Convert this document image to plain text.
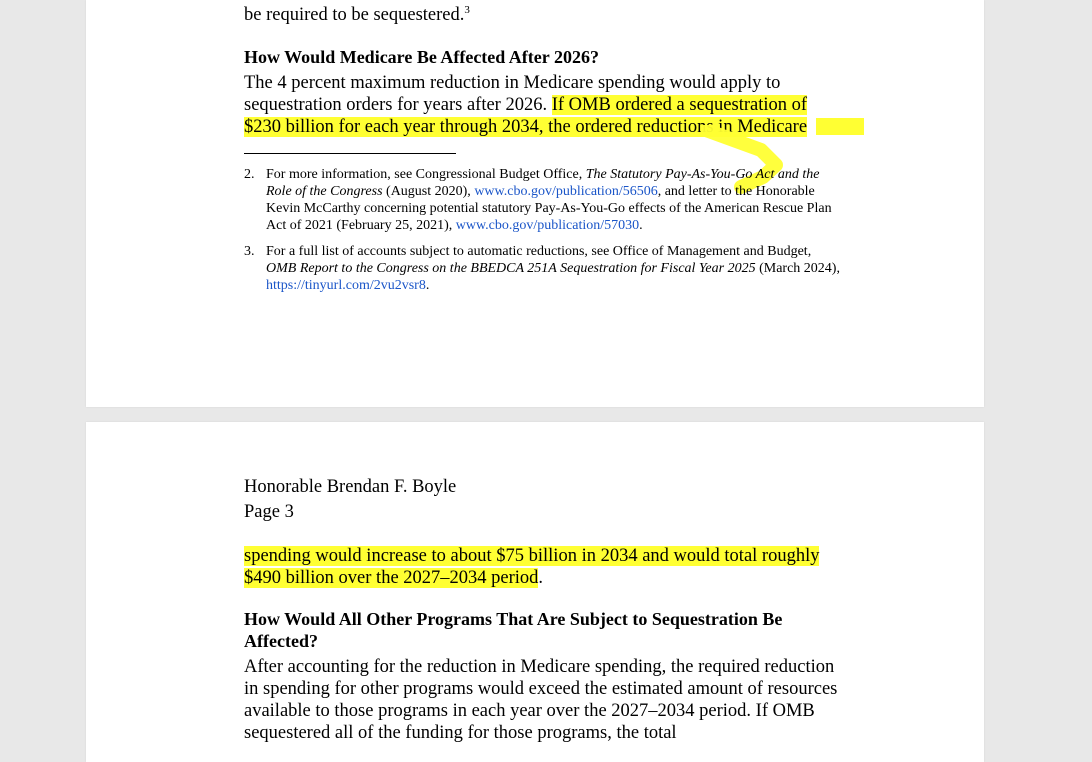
be required to be sequestered.$^3$

How Would Medicare Be Affected After 2026?

The 4 percent maximum reduction in Medicare spending would apply to sequestration orders for years after 2026. If OMB ordered a sequestration of
$230 billion for each year through 2034, the ordered reductions in Medicare

2. For more information, see Congressional Budget Office, The Statutory Pay-As-You-Go Act and the Role of the Congress (August 2020), www.cbo.gov/publication/56506, and letter to the Honorable Kevin McCarthy concerning potential statutory Pay-As-You-Go effects of the American Rescue Plan Act of 2021 (February 25, 2021), www.cbo.gov/publication/57030.
3. For a full list of accounts subject to automatic reductions, see Office of Management and Budget, OMB Report to the Congress on the BBEDCA 251A Sequestration for Fiscal Year 2025 (March 2024), https://tinyurl.com/2vu2vsr8.

Honorable Brendan F. Boyle

Page 3

spending would increase to about $75 billion in 2034 and would total roughly
$490 billion over the 2027–2034 period.

How Would All Other Programs That Are Subject to Sequestration Be Affected?

After accounting for the reduction in Medicare spending, the required reduction in spending for other programs would exceed the estimated amount of resources available to those programs in each year over the 2027–2034 period. If OMB sequestered all of the funding for those programs, the total
